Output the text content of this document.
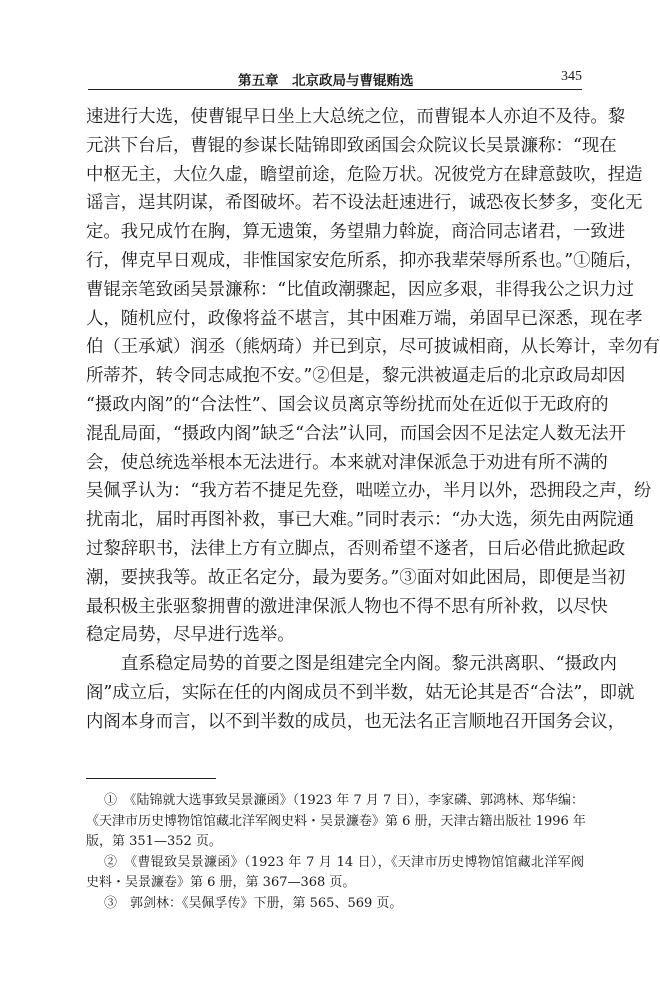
第五章　北京政局与曹锟贿选	345
速进行大选，使曹锟早日坐上大总统之位，而曹锟本人亦迫不及待。黎
元洪下台后，曹锟的参谋长陆锦即致函国会众院议长吴景濂称：“现在
中枢无主，大位久虚，瞻望前途，危险万状。况彼党方在肆意鼓吹，捏造
谣言，逞其阴谋，希图破坏。若不设法赶速进行，诚恐夜长梦多，变化无
定。我兄成竹在胸，算无遗策，务望鼎力斡旋，商洽同志诸君，一致进
行，俾克早日观成，非惟国家安危所系，抑亦我辈荣辱所系也。”①随后，
曹锟亲笔致函吴景濂称：“比值政潮骤起，因应多艰，非得我公之识力过
人，随机应付，政像将益不堪言，其中困难万端，弟固早已深悉，现在孝
伯（王承斌）润丞（熊炳琦）并已到京，尽可披诚相商，从长筹计，幸勿有
所蒂芥，转令同志咸抱不安。”②但是，黎元洪被逼走后的北京政局却因
“摄政内阁”的“合法性”、国会议员离京等纷扰而处在近似于无政府的
混乱局面，“摄政内阁”缺乏“合法”认同，而国会因不足法定人数无法开
会，使总统选举根本无法进行。本来就对津保派急于劝进有所不满的
吴佩孚认为：“我方若不捷足先登，咄嗟立办，半月以外，恐拥段之声，纷
扰南北，届时再图补救，事已大难。”同时表示：“办大选，须先由两院通
过黎辞职书，法律上方有立脚点，否则希望不遂者，日后必借此掀起政
潮，要挟我等。故正名定分，最为要务。”③面对如此困局，即便是当初
最积极主张驱黎拥曹的激进津保派人物也不得不思有所补救，以尽快
稳定局势，尽早进行选举。
直系稳定局势的首要之图是组建完全内阁。黎元洪离职、“摄政内
阁”成立后，实际在任的内阁成员不到半数，姑无论其是否“合法”，即就
内阁本身而言，以不到半数的成员，也无法名正言顺地召开国务会议，
①　《陆锦就大选事致吴景濂函》（1923 年 7 月 7 日），李家磷、郭鸿林、郑华编：
《天津市历史博物馆馆藏北洋军阀史料・吴景濂卷》第 6 册，天津古籍出版社 1996 年
版，第 351—352 页。
②　《曹锟致吴景濂函》（1923 年 7 月 14 日），《天津市历史博物馆馆藏北洋军阀
史料・吴景濂卷》第 6 册，第 367—368 页。
③　郭剑林：《吴佩孚传》下册，第 565、569 页。
